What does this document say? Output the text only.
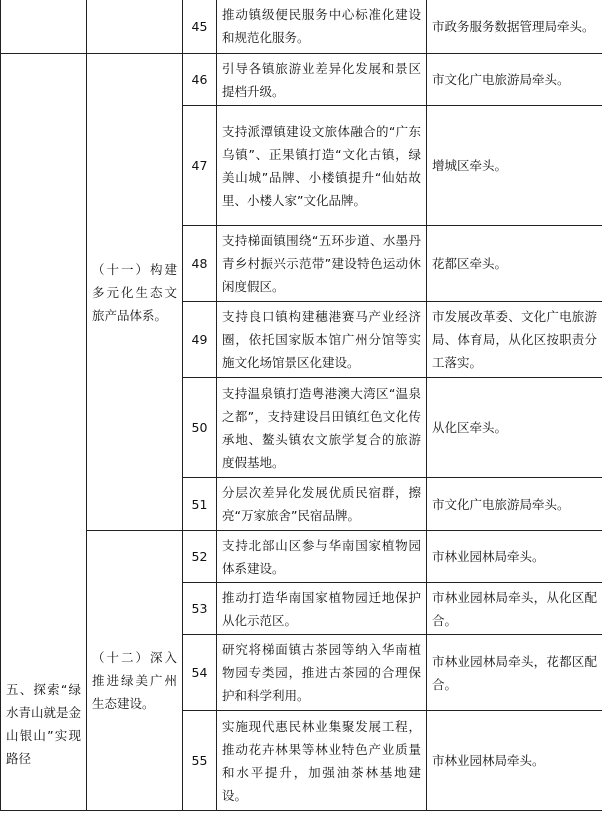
		45	推动镇级便民服务中心标准化建设和规范化服务。	市政务服务数据管理局牵头。

五、探索“绿水青山就是金山银山”实现路径	（十一）构建多元化生态文旅产品体系。	46	引导各镇旅游业差异化发展和景区提档升级。	市文化广电旅游局牵头。
		47	支持派潭镇建设文旅体融合的“广东乌镇”、正果镇打造“文化古镇，绿美山城”品牌、小楼镇提升“仙姑故里、小楼人家”文化品牌。	增城区牵头。
		48	支持梯面镇围绕“五环步道、水墨丹青乡村振兴示范带”建设特色运动休闲度假区。	花都区牵头。
		49	支持良口镇构建穗港赛马产业经济圈，依托国家版本馆广州分馆等实施文化场馆景区化建设。	市发展改革委、文化广电旅游局、体育局，从化区按职责分工落实。
		50	支持温泉镇打造粤港澳大湾区“温泉之都”，支持建设吕田镇红色文化传承地、鳌头镇农文旅学复合的旅游度假基地。	从化区牵头。
		51	分层次差异化发展优质民宿群，擦亮“万家旅舍”民宿品牌。	市文化广电旅游局牵头。

	（十二）深入推进绿美广州生态建设。	52	支持北部山区参与华南国家植物园体系建设。	市林业园林局牵头。
		53	推动打造华南国家植物园迁地保护从化示范区。	市林业园林局牵头，从化区配合。
		54	研究将梯面镇古茶园等纳入华南植物园专类园，推进古茶园的合理保护和科学利用。	市林业园林局牵头，花都区配合。
		55	实施现代惠民林业集聚发展工程，推动花卉林果等林业特色产业质量和水平提升，加强油茶林基地建设。	市林业园林局牵头。
